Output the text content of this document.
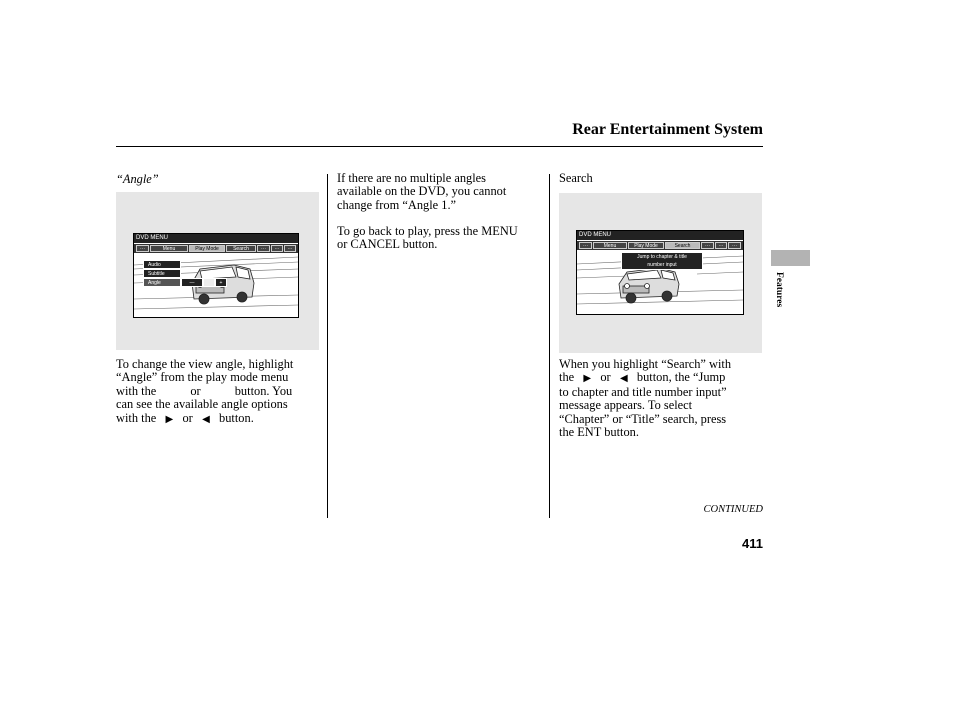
Rear Entertainment System
“Angle”
DVD MENU
···	Menu	Play Mode	Search	···	···	···
Audio
Subtitle
Angle	—	+
To change the view angle, highlight
“Angle” from the play mode menu
with the           or           button. You
can see the available angle options
with the ▶ or ◀ button.
If there are no multiple angles
available on the DVD, you cannot
change from “Angle 1.”
To go back to play, press the MENU
or CANCEL button.
Search
DVD MENU
···	Menu	Play Mode	Search	···	···	···
Jump to chapter & title
number input
When you highlight “Search” with
the ▶ or ◀ button, the “Jump
to chapter and title number input”
message appears. To select
“Chapter” or “Title” search, press
the ENT button.
Features
CONTINUED
411
